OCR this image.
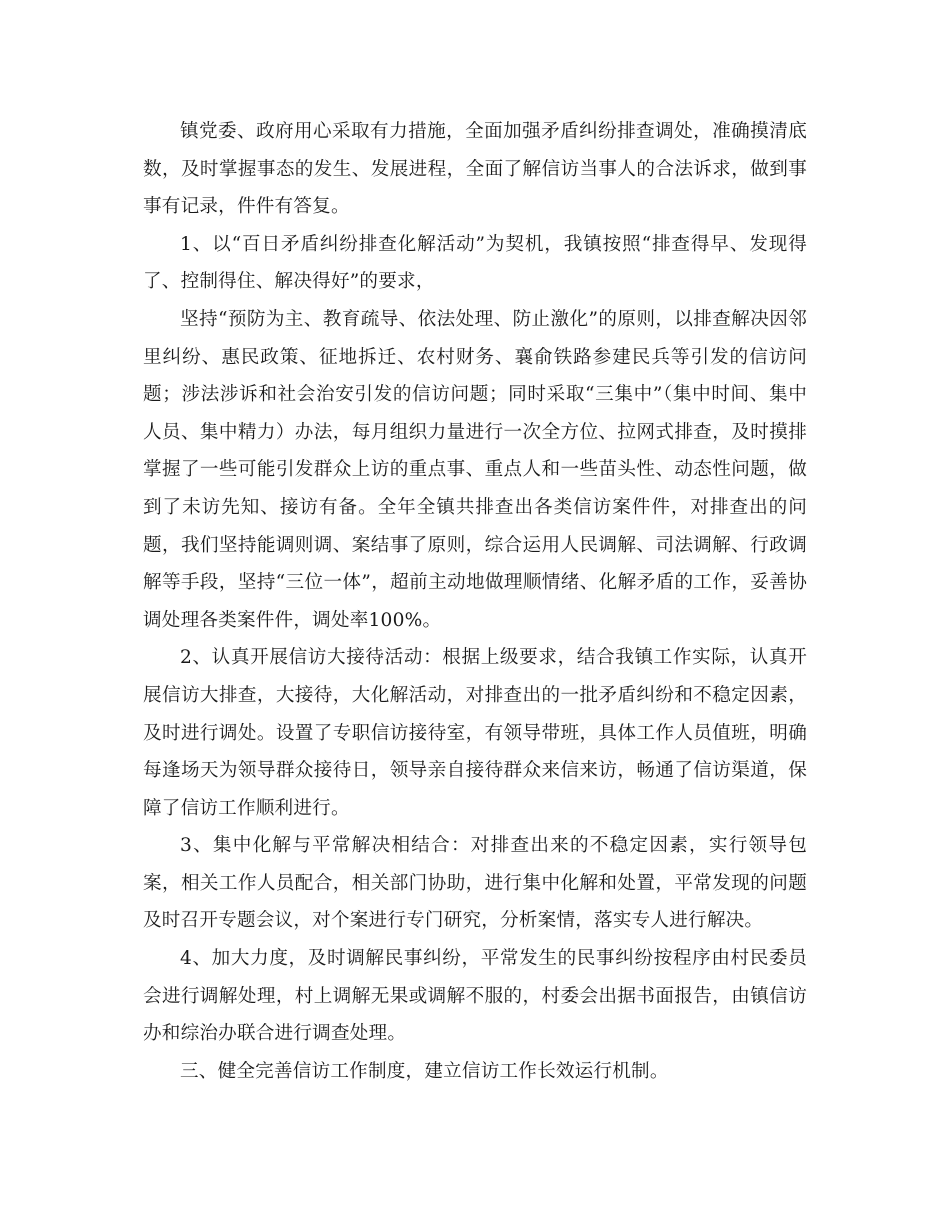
镇党委、政府用心采取有力措施，全面加强矛盾纠纷排查调处，准确摸清底数，及时掌握事态的发生、发展进程，全面了解信访当事人的合法诉求，做到事事有记录，件件有答复。

1、以“百日矛盾纠纷排查化解活动”为契机，我镇按照“排查得早、发现得了、控制得住、解决得好”的要求，

坚持“预防为主、教育疏导、依法处理、防止激化”的原则，以排查解决因邻里纠纷、惠民政策、征地拆迁、农村财务、襄俞铁路参建民兵等引发的信访问题；涉法涉诉和社会治安引发的信访问题；同时采取“三集中”（集中时间、集中人员、集中精力）办法，每月组织力量进行一次全方位、拉网式排查，及时摸排掌握了一些可能引发群众上访的重点事、重点人和一些苗头性、动态性问题，做到了未访先知、接访有备。全年全镇共排查出各类信访案件件，对排查出的问题，我们坚持能调则调、案结事了原则，综合运用人民调解、司法调解、行政调解等手段，坚持“三位一体”，超前主动地做理顺情绪、化解矛盾的工作，妥善协调处理各类案件件，调处率100%。

2、认真开展信访大接待活动：根据上级要求，结合我镇工作实际，认真开展信访大排查，大接待，大化解活动，对排查出的一批矛盾纠纷和不稳定因素，及时进行调处。设置了专职信访接待室，有领导带班，具体工作人员值班，明确每逢场天为领导群众接待日，领导亲自接待群众来信来访，畅通了信访渠道，保障了信访工作顺利进行。

3、集中化解与平常解决相结合：对排查出来的不稳定因素，实行领导包案，相关工作人员配合，相关部门协助，进行集中化解和处置，平常发现的问题及时召开专题会议，对个案进行专门研究，分析案情，落实专人进行解决。

4、加大力度，及时调解民事纠纷，平常发生的民事纠纷按程序由村民委员会进行调解处理，村上调解无果或调解不服的，村委会出据书面报告，由镇信访办和综治办联合进行调查处理。

三、健全完善信访工作制度，建立信访工作长效运行机制。
